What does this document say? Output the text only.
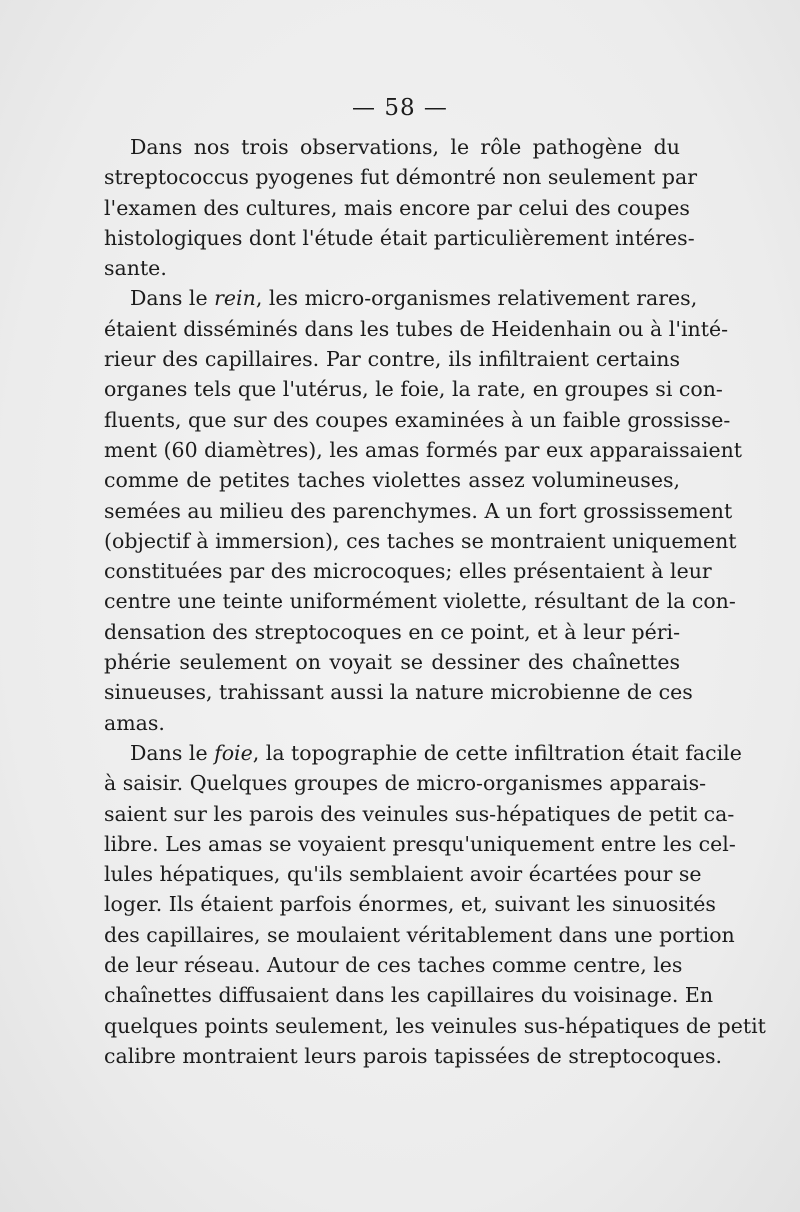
— 58 —
Dans nos trois observations, le rôle pathogène du
streptococcus pyogenes fut démontré non seulement par
l'examen des cultures, mais encore par celui des coupes
histologiques dont l'étude était particulièrement intéres-
sante.
Dans le rein, les micro-organismes relativement rares,
étaient disséminés dans les tubes de Heidenhain ou à l'inté-
rieur des capillaires. Par contre, ils infiltraient certains
organes tels que l'utérus, le foie, la rate, en groupes si con-
fluents, que sur des coupes examinées à un faible grossisse-
ment (60 diamètres), les amas formés par eux apparaissaient
comme de petites taches violettes assez volumineuses,
semées au milieu des parenchymes. A un fort grossissement
(objectif à immersion), ces taches se montraient uniquement
constituées par des microcoques; elles présentaient à leur
centre une teinte uniformément violette, résultant de la con-
densation des streptocoques en ce point, et à leur péri-
phérie seulement on voyait se dessiner des chaînettes
sinueuses, trahissant aussi la nature microbienne de ces
amas.
Dans le foie, la topographie de cette infiltration était facile
à saisir. Quelques groupes de micro-organismes apparais-
saient sur les parois des veinules sus-hépatiques de petit ca-
libre. Les amas se voyaient presqu'uniquement entre les cel-
lules hépatiques, qu'ils semblaient avoir écartées pour se
loger. Ils étaient parfois énormes, et, suivant les sinuosités
des capillaires, se moulaient véritablement dans une portion
de leur réseau. Autour de ces taches comme centre, les
chaînettes diffusaient dans les capillaires du voisinage. En
quelques points seulement, les veinules sus-hépatiques de petit
calibre montraient leurs parois tapissées de streptocoques.
